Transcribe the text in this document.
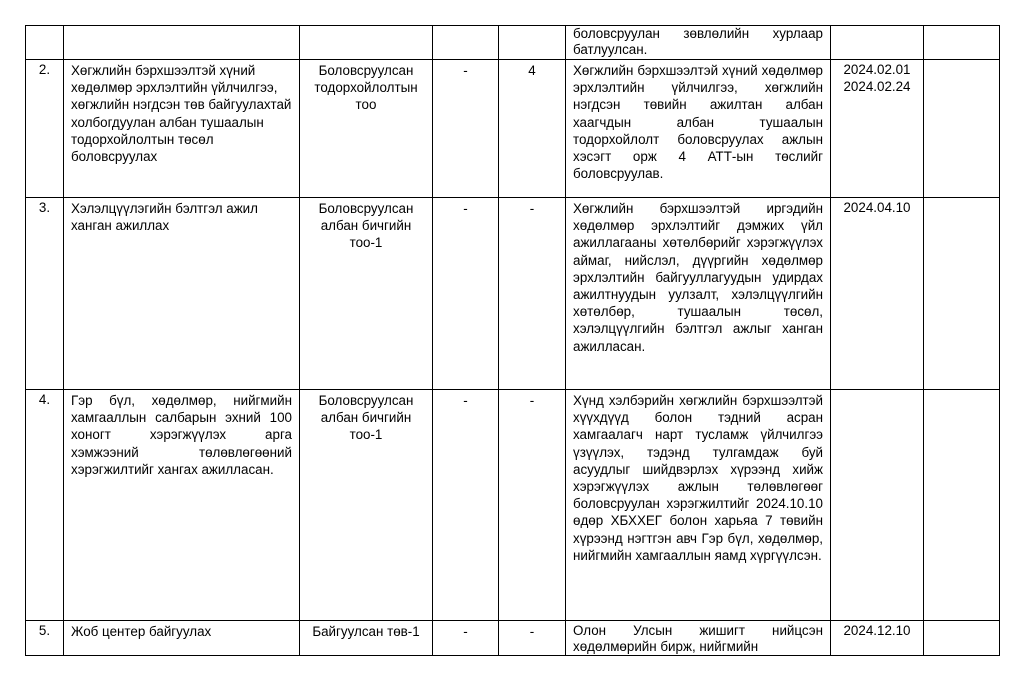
					боловсруулан зөвлөлийн хурлаар батлуулсан.		

2.	Хөгжлийн бэрхшээлтэй хүний хөдөлмөр эрхлэлтийн үйлчилгээ, хөгжлийн нэгдсэн төв байгуулахтай холбогдуулан албан тушаалын тодорхойлолтын төсөл боловсруулах	Боловсруулсан тодорхойлолтын тоо	-	4	Хөгжлийн бэрхшээлтэй хүний хөдөлмөр эрхлэлтийн үйлчилгээ, хөгжлийн нэгдсэн төвийн ажилтан албан хаагчдын албан тушаалын тодорхойлолт боловсруулах ажлын хэсэгт орж 4 АТТ-ын төслийг боловсруулав.	2024.02.01
2024.02.24	
3.	Хэлэлцүүлэгийн бэлтгэл ажил ханган ажиллах	Боловсруулсан албан бичгийн тоо-1	-	-	Хөгжлийн бэрхшээлтэй иргэдийн хөдөлмөр эрхлэлтийг дэмжих үйл ажиллагааны хөтөлбөрийг хэрэгжүүлэх аймаг, нийслэл, дүүргийн хөдөлмөр эрхлэлтийн байгууллагуудын удирдах ажилтнуудын уулзалт, хэлэлцүүлгийн хөтөлбөр, тушаалын төсөл, хэлэлцүүлгийн бэлтгэл ажлыг ханган ажилласан.	2024.04.10	
4.	Гэр бүл, хөдөлмөр, нийгмийн хамгааллын салбарын эхний 100 хоногт хэрэгжүүлэх арга хэмжээний төлөвлөгөөний хэрэгжилтийг хангах ажилласан.	Боловсруулсан албан бичгийн тоо-1	-	-	Хүнд хэлбэрийн хөгжлийн бэрхшээлтэй хүүхдүүд болон тэдний асран хамгаалагч нарт тусламж үйлчилгээ үзүүлэх, тэдэнд тулгамдаж буй асуудлыг шийдвэрлэх хүрээнд хийж хэрэгжүүлэх ажлын төлөвлөгөөг боловсруулан хэрэгжилтийг 2024.10.10 өдөр ХБХХЕГ болон харьяа 7 төвийн хүрээнд нэгтгэн авч Гэр бүл, хөдөлмөр, нийгмийн хамгааллын яамд хүргүүлсэн.		

5.	Жоб центер байгуулах	Байгуулсан төв-1	-	-	Олон Улсын жишигт нийцсэн хөдөлмөрийн бирж, нийгмийн	2024.12.10	
